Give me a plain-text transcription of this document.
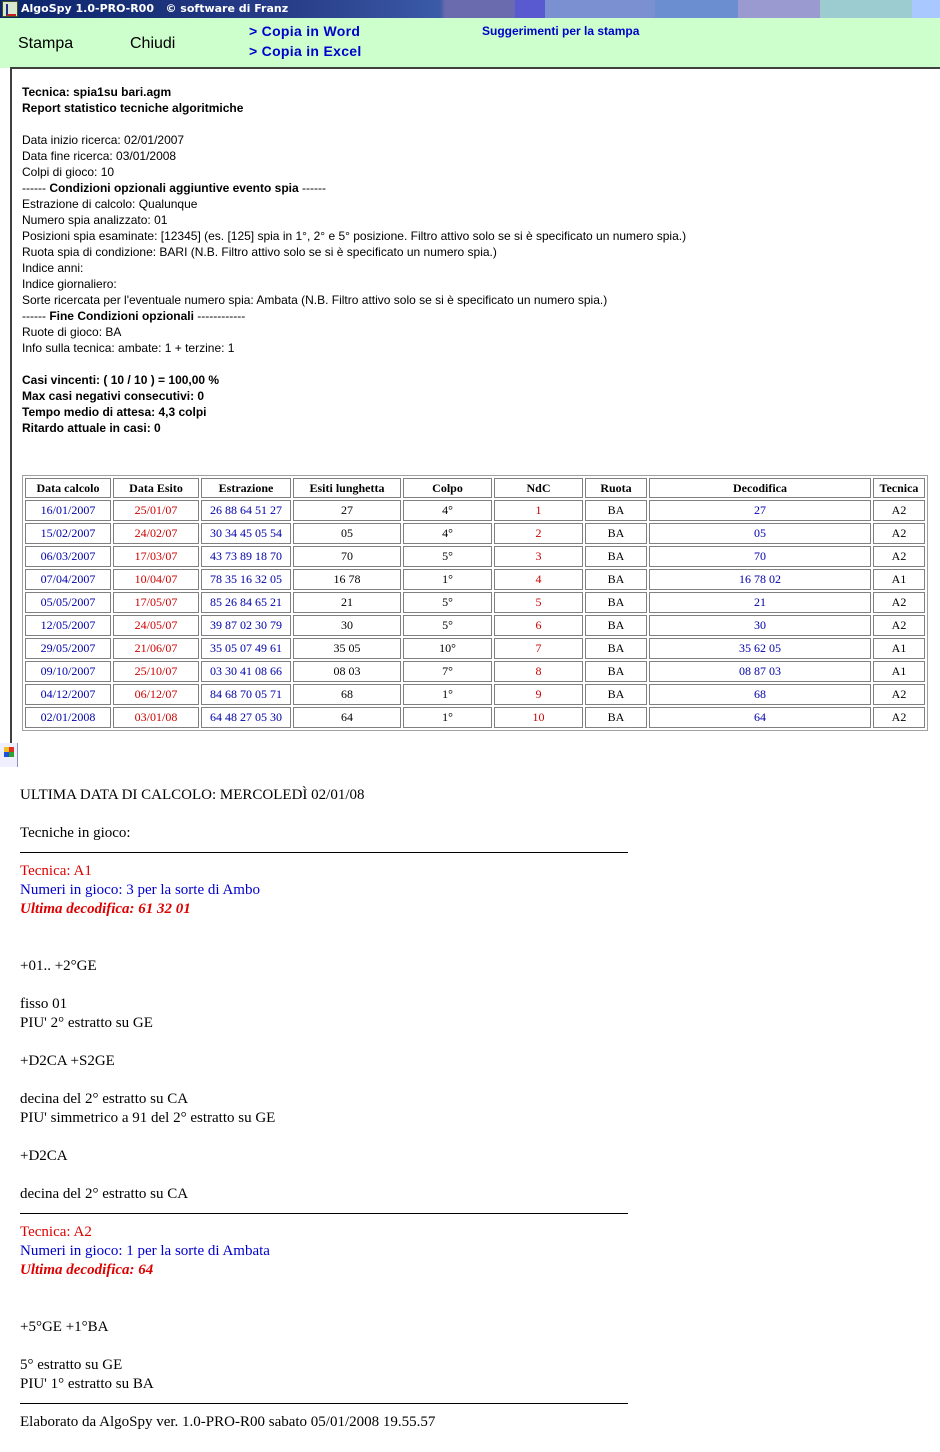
AlgoSpy 1.0-PRO-R00   © software di Franz
Stampa	Chiudi
> Copia in Word
> Copia in Excel
Suggerimenti per la stampa
Tecnica: spia1su bari.agm
Report statistico tecniche algoritmiche
Data inizio ricerca: 02/01/2007
Data fine ricerca: 03/01/2008
Colpi di gioco: 10
------ Condizioni opzionali aggiuntive evento spia ------
Estrazione di calcolo: Qualunque
Numero spia analizzato: 01
Posizioni spia esaminate: [12345] (es. [125] spia in 1°, 2° e 5° posizione. Filtro attivo solo se si è specificato un numero spia.)
Ruota spia di condizione: BARI (N.B. Filtro attivo solo se si è specificato un numero spia.)
Indice anni:
Indice giornaliero:
Sorte ricercata per l'eventuale numero spia: Ambata (N.B. Filtro attivo solo se si è specificato un numero spia.)
------ Fine Condizioni opzionali ------------
Ruote di gioco: BA
Info sulla tecnica: ambate: 1 + terzine: 1
Casi vincenti: ( 10 / 10 ) = 100,00 %
Max casi negativi consecutivi: 0
Tempo medio di attesa: 4,3 colpi
Ritardo attuale in casi: 0
Data calcolo	Data Esito	Estrazione	Esiti lunghetta	Colpo	NdC	Ruota	Decodifica	Tecnica
16/01/2007	25/01/07	26 88 64 51 27	27	4°	1	BA	27	A2
15/02/2007	24/02/07	30 34 45 05 54	05	4°	2	BA	05	A2
06/03/2007	17/03/07	43 73 89 18 70	70	5°	3	BA	70	A2
07/04/2007	10/04/07	78 35 16 32 05	16 78	1°	4	BA	16 78 02	A1
05/05/2007	17/05/07	85 26 84 65 21	21	5°	5	BA	21	A2
12/05/2007	24/05/07	39 87 02 30 79	30	5°	6	BA	30	A2
29/05/2007	21/06/07	35 05 07 49 61	35 05	10°	7	BA	35 62 05	A1
09/10/2007	25/10/07	03 30 41 08 66	08 03	7°	8	BA	08 87 03	A1
04/12/2007	06/12/07	84 68 70 05 71	68	1°	9	BA	68	A2
02/01/2008	03/01/08	64 48 27 05 30	64	1°	10	BA	64	A2
ULTIMA DATA DI CALCOLO: MERCOLEDÌ 02/01/08
Tecniche in gioco:
Tecnica: A1
Numeri in gioco: 3 per la sorte di Ambo
Ultima decodifica: 61 32 01
+01.. +2°GE
fisso 01
PIU' 2° estratto su GE
+D2CA +S2GE
decina del 2° estratto su CA
PIU' simmetrico a 91 del 2° estratto su GE
+D2CA
decina del 2° estratto su CA
Tecnica: A2
Numeri in gioco: 1 per la sorte di Ambata
Ultima decodifica: 64
+5°GE +1°BA
5° estratto su GE
PIU' 1° estratto su BA
Elaborato da AlgoSpy ver. 1.0-PRO-R00 sabato 05/01/2008 19.55.57
